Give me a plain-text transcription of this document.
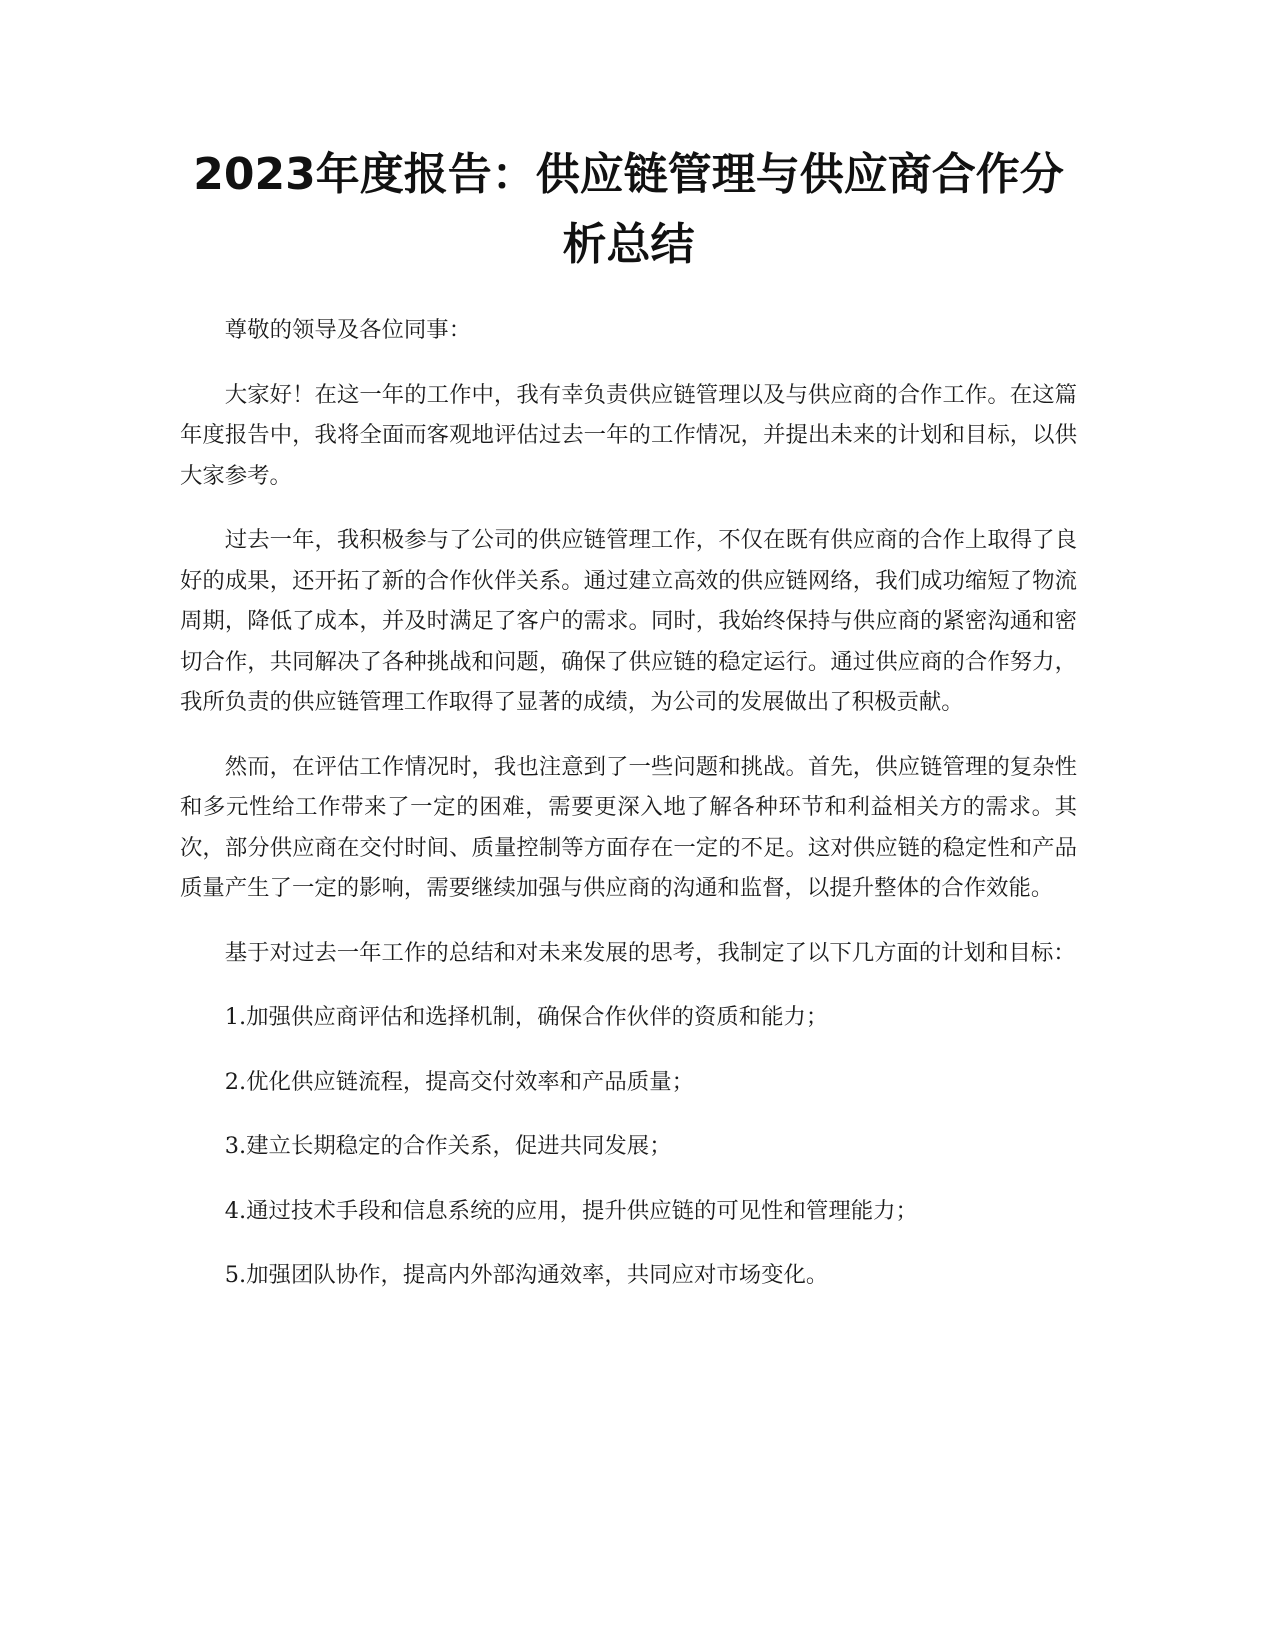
2023年度报告：供应链管理与供应商合作分
析总结

尊敬的领导及各位同事：

大家好！在这一年的工作中，我有幸负责供应链管理以及与供应商的合作工作。在这篇年度报告中，我将全面而客观地评估过去一年的工作情况，并提出未来的计划和目标，以供大家参考。

过去一年，我积极参与了公司的供应链管理工作，不仅在既有供应商的合作上取得了良好的成果，还开拓了新的合作伙伴关系。通过建立高效的供应链网络，我们成功缩短了物流周期，降低了成本，并及时满足了客户的需求。同时，我始终保持与供应商的紧密沟通和密切合作，共同解决了各种挑战和问题，确保了供应链的稳定运行。通过供应商的合作努力，我所负责的供应链管理工作取得了显著的成绩，为公司的发展做出了积极贡献。

然而，在评估工作情况时，我也注意到了一些问题和挑战。首先，供应链管理的复杂性和多元性给工作带来了一定的困难，需要更深入地了解各种环节和利益相关方的需求。其次，部分供应商在交付时间、质量控制等方面存在一定的不足。这对供应链的稳定性和产品质量产生了一定的影响，需要继续加强与供应商的沟通和监督，以提升整体的合作效能。

基于对过去一年工作的总结和对未来发展的思考，我制定了以下几方面的计划和目标：

1.加强供应商评估和选择机制，确保合作伙伴的资质和能力；

2.优化供应链流程，提高交付效率和产品质量；

3.建立长期稳定的合作关系，促进共同发展；

4.通过技术手段和信息系统的应用，提升供应链的可见性和管理能力；

5.加强团队协作，提高内外部沟通效率，共同应对市场变化。
